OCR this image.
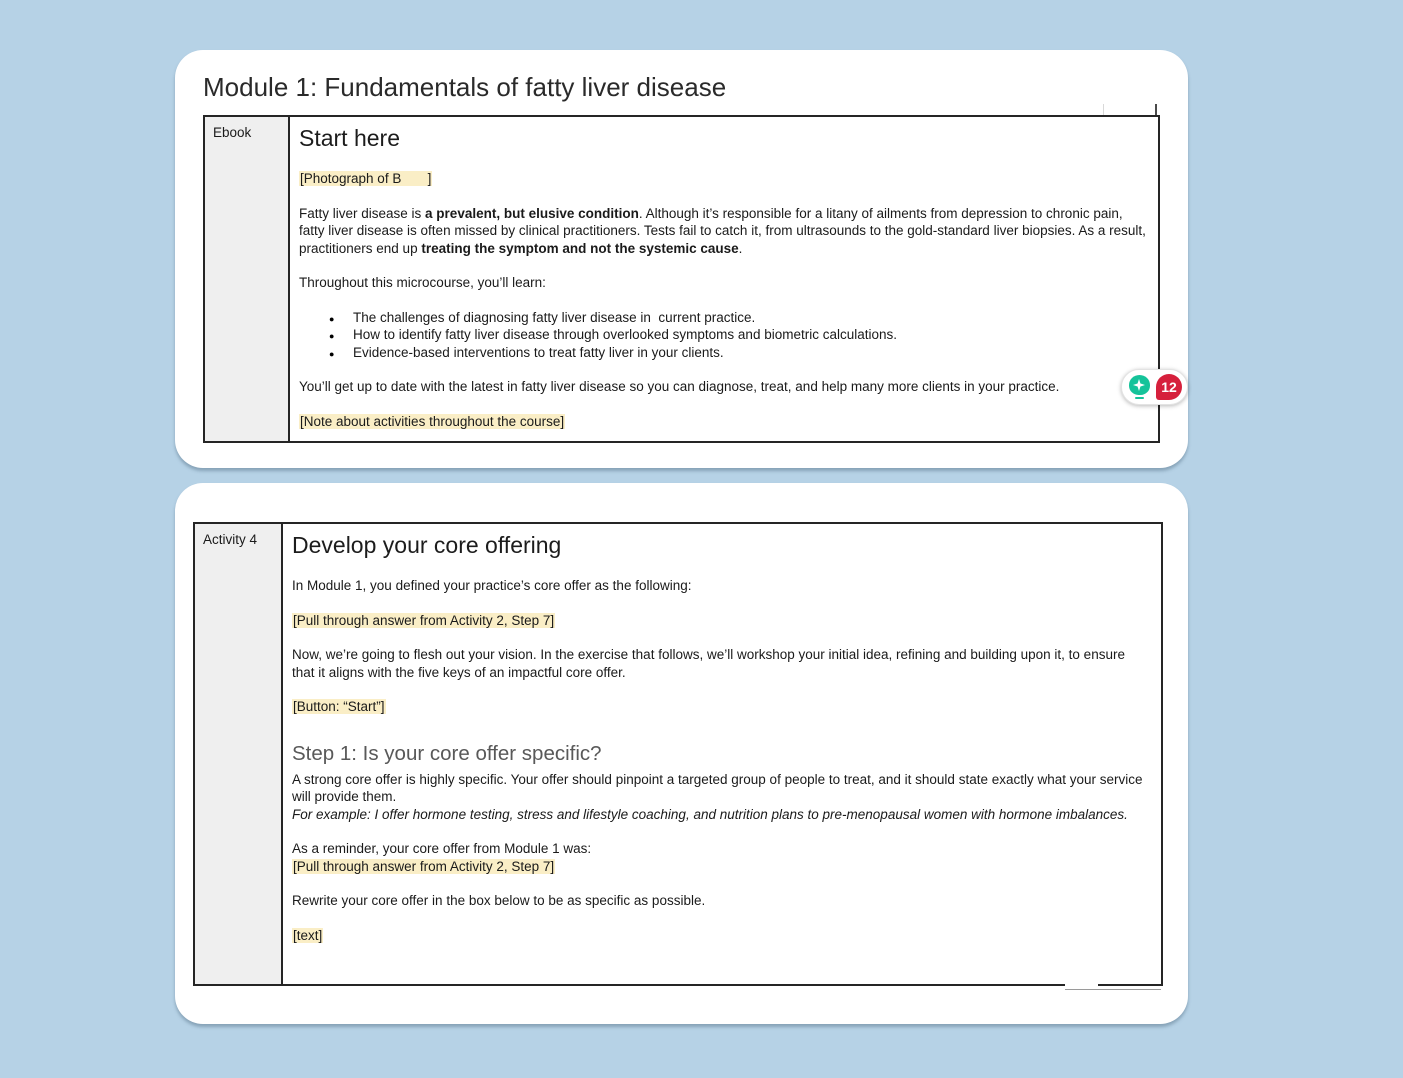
Module 1: Fundamentals of fatty liver disease
Ebook	Start here

[Photograph of B       ]

Fatty liver disease is a prevalent, but elusive condition. Although it’s responsible for a litany of ailments from depression to chronic pain, fatty liver disease is often missed by clinical practitioners. Tests fail to catch it, from ultrasounds to the gold-standard liver biopsies. As a result, practitioners end up treating the symptom and not the systemic cause.

Throughout this microcourse, you’ll learn:

● The challenges of diagnosing fatty liver disease in  current practice.
● How to identify fatty liver disease through overlooked symptoms and biometric calculations.
● Evidence-based interventions to treat fatty liver in your clients.

You’ll get up to date with the latest in fatty liver disease so you can diagnose, treat, and help many more clients in your practice.

[Note about activities throughout the course]

Activity 4	Develop your core offering

In Module 1, you defined your practice’s core offer as the following:

[Pull through answer from Activity 2, Step 7]

Now, we’re going to flesh out your vision. In the exercise that follows, we’ll workshop your initial idea, refining and building upon it, to ensure that it aligns with the five keys of an impactful core offer.

[Button: “Start”]

Step 1: Is your core offer specific?

A strong core offer is highly specific. Your offer should pinpoint a targeted group of people to treat, and it should state exactly what your service will provide them.

For example: I offer hormone testing, stress and lifestyle coaching, and nutrition plans to pre-menopausal women with hormone imbalances.

As a reminder, your core offer from Module 1 was:

[Pull through answer from Activity 2, Step 7]

Rewrite your core offer in the box below to be as specific as possible.

[text]

12
